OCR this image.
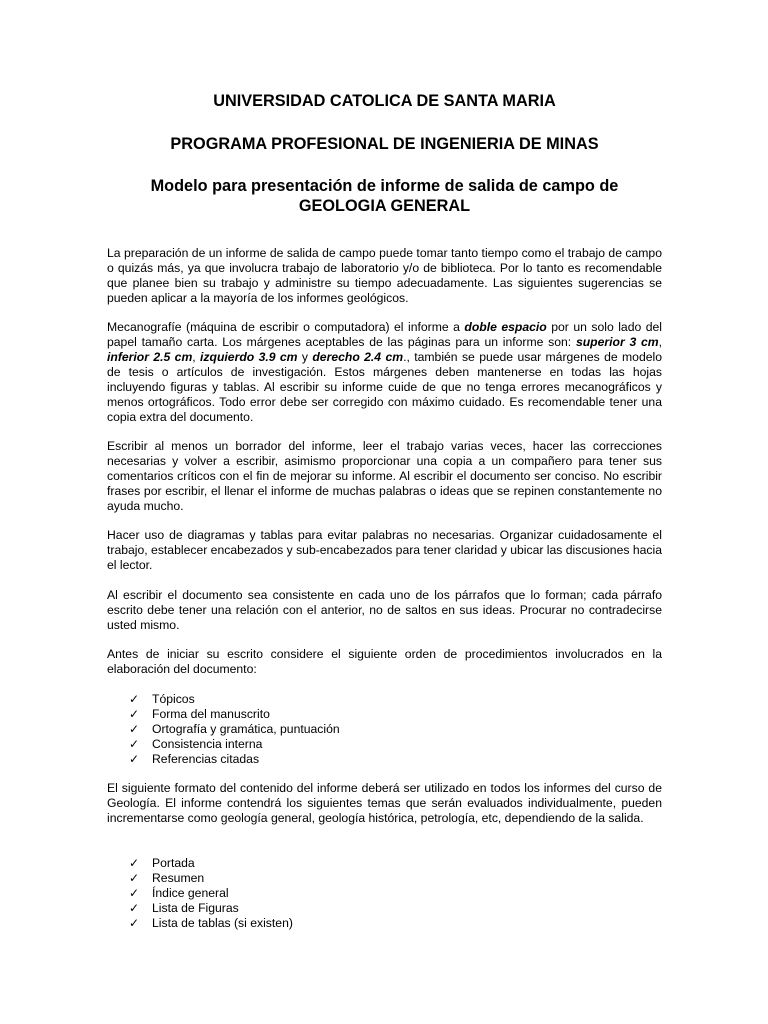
UNIVERSIDAD CATOLICA DE SANTA MARIA
PROGRAMA PROFESIONAL DE INGENIERIA DE MINAS
Modelo para presentación de informe de salida de campo de
GEOLOGIA GENERAL

La preparación de un informe de salida de campo puede tomar tanto tiempo como el trabajo de campo o quizás más, ya que involucra trabajo de laboratorio y/o de biblioteca. Por lo tanto es recomendable que planee bien su trabajo y administre su tiempo adecuadamente. Las siguientes sugerencias se pueden aplicar a la mayoría de los informes geológicos.

Mecanografíe (máquina de escribir o computadora) el informe a doble espacio por un solo lado del papel tamaño carta. Los márgenes aceptables de las páginas para un informe son: superior 3 cm, inferior 2.5 cm, izquierdo 3.9 cm y derecho 2.4 cm., también se puede usar márgenes de modelo de tesis o artículos de investigación. Estos márgenes deben mantenerse en todas las hojas incluyendo figuras y tablas. Al escribir su informe cuide de que no tenga errores mecanográficos y menos ortográficos. Todo error debe ser corregido con máximo cuidado. Es recomendable tener una copia extra del documento.

Escribir al menos un borrador del informe, leer el trabajo varias veces, hacer las correcciones necesarias y volver a escribir, asimismo proporcionar una copia a un compañero para tener sus comentarios críticos con el fin de mejorar su informe. Al escribir el documento ser conciso. No escribir frases por escribir, el llenar el informe de muchas palabras o ideas que se repinen constantemente no ayuda mucho.

Hacer uso de diagramas y tablas para evitar palabras no necesarias. Organizar cuidadosamente el trabajo, establecer encabezados y sub-encabezados para tener claridad y ubicar las discusiones hacia el lector.

Al escribir el documento sea consistente en cada uno de los párrafos que lo forman; cada párrafo escrito debe tener una relación con el anterior, no de saltos en sus ideas. Procurar no contradecirse usted mismo.

Antes de iniciar su escrito considere el siguiente orden de procedimientos involucrados en la elaboración del documento:

✓ Tópicos
✓ Forma del manuscrito
✓ Ortografía y gramática, puntuación
✓ Consistencia interna
✓ Referencias citadas

El siguiente formato del contenido del informe deberá ser utilizado en todos los informes del curso de Geología. El informe contendrá los siguientes temas que serán evaluados individualmente, pueden incrementarse como geología general, geología histórica, petrología, etc, dependiendo de la salida.

✓ Portada
✓ Resumen
✓ Índice general
✓ Lista de Figuras
✓ Lista de tablas (si existen)
